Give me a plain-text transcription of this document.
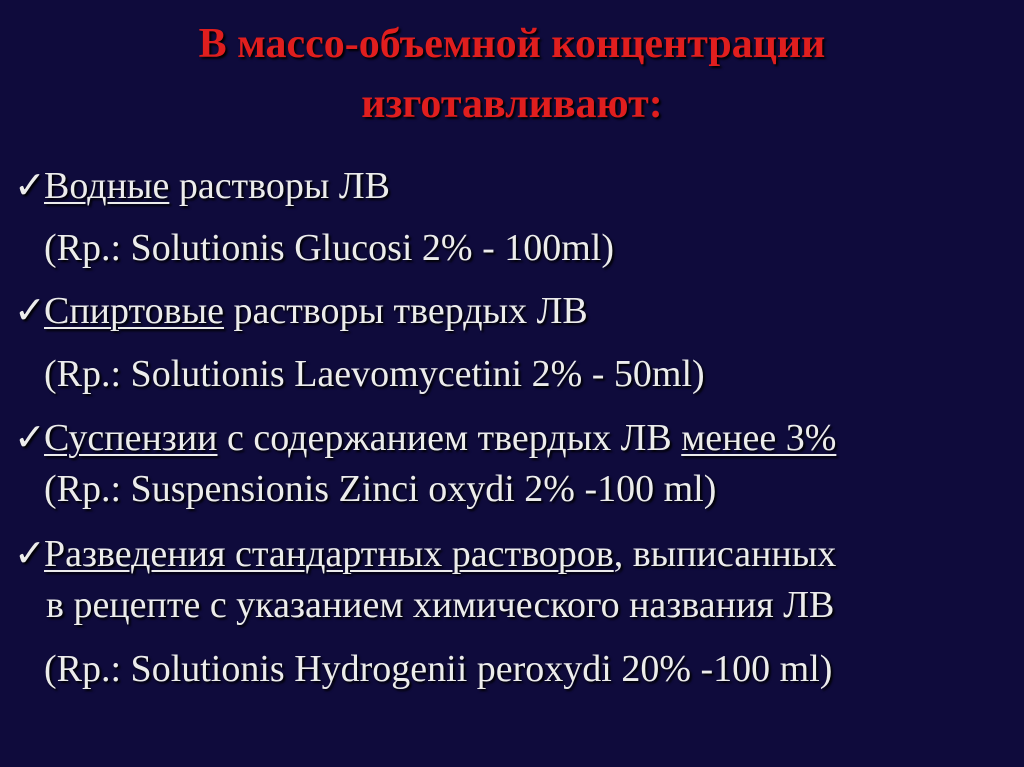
В массо-объемной концентрации
изготавливают:
✓Водные растворы ЛВ
(Rp.: Solutionis Glucosi 2% - 100ml)
✓Спиртовые растворы твердых ЛВ
(Rp.: Solutionis Laevomycetini 2% - 50ml)
✓Суспензии с содержанием твердых ЛВ менее 3%
(Rp.: Suspensionis Zinci oxydi 2% -100 ml)
✓Разведения стандартных растворов, выписанных
в рецепте с указанием химического названия ЛВ
(Rp.: Solutionis Hydrogenii peroxydi 20% -100 ml)
